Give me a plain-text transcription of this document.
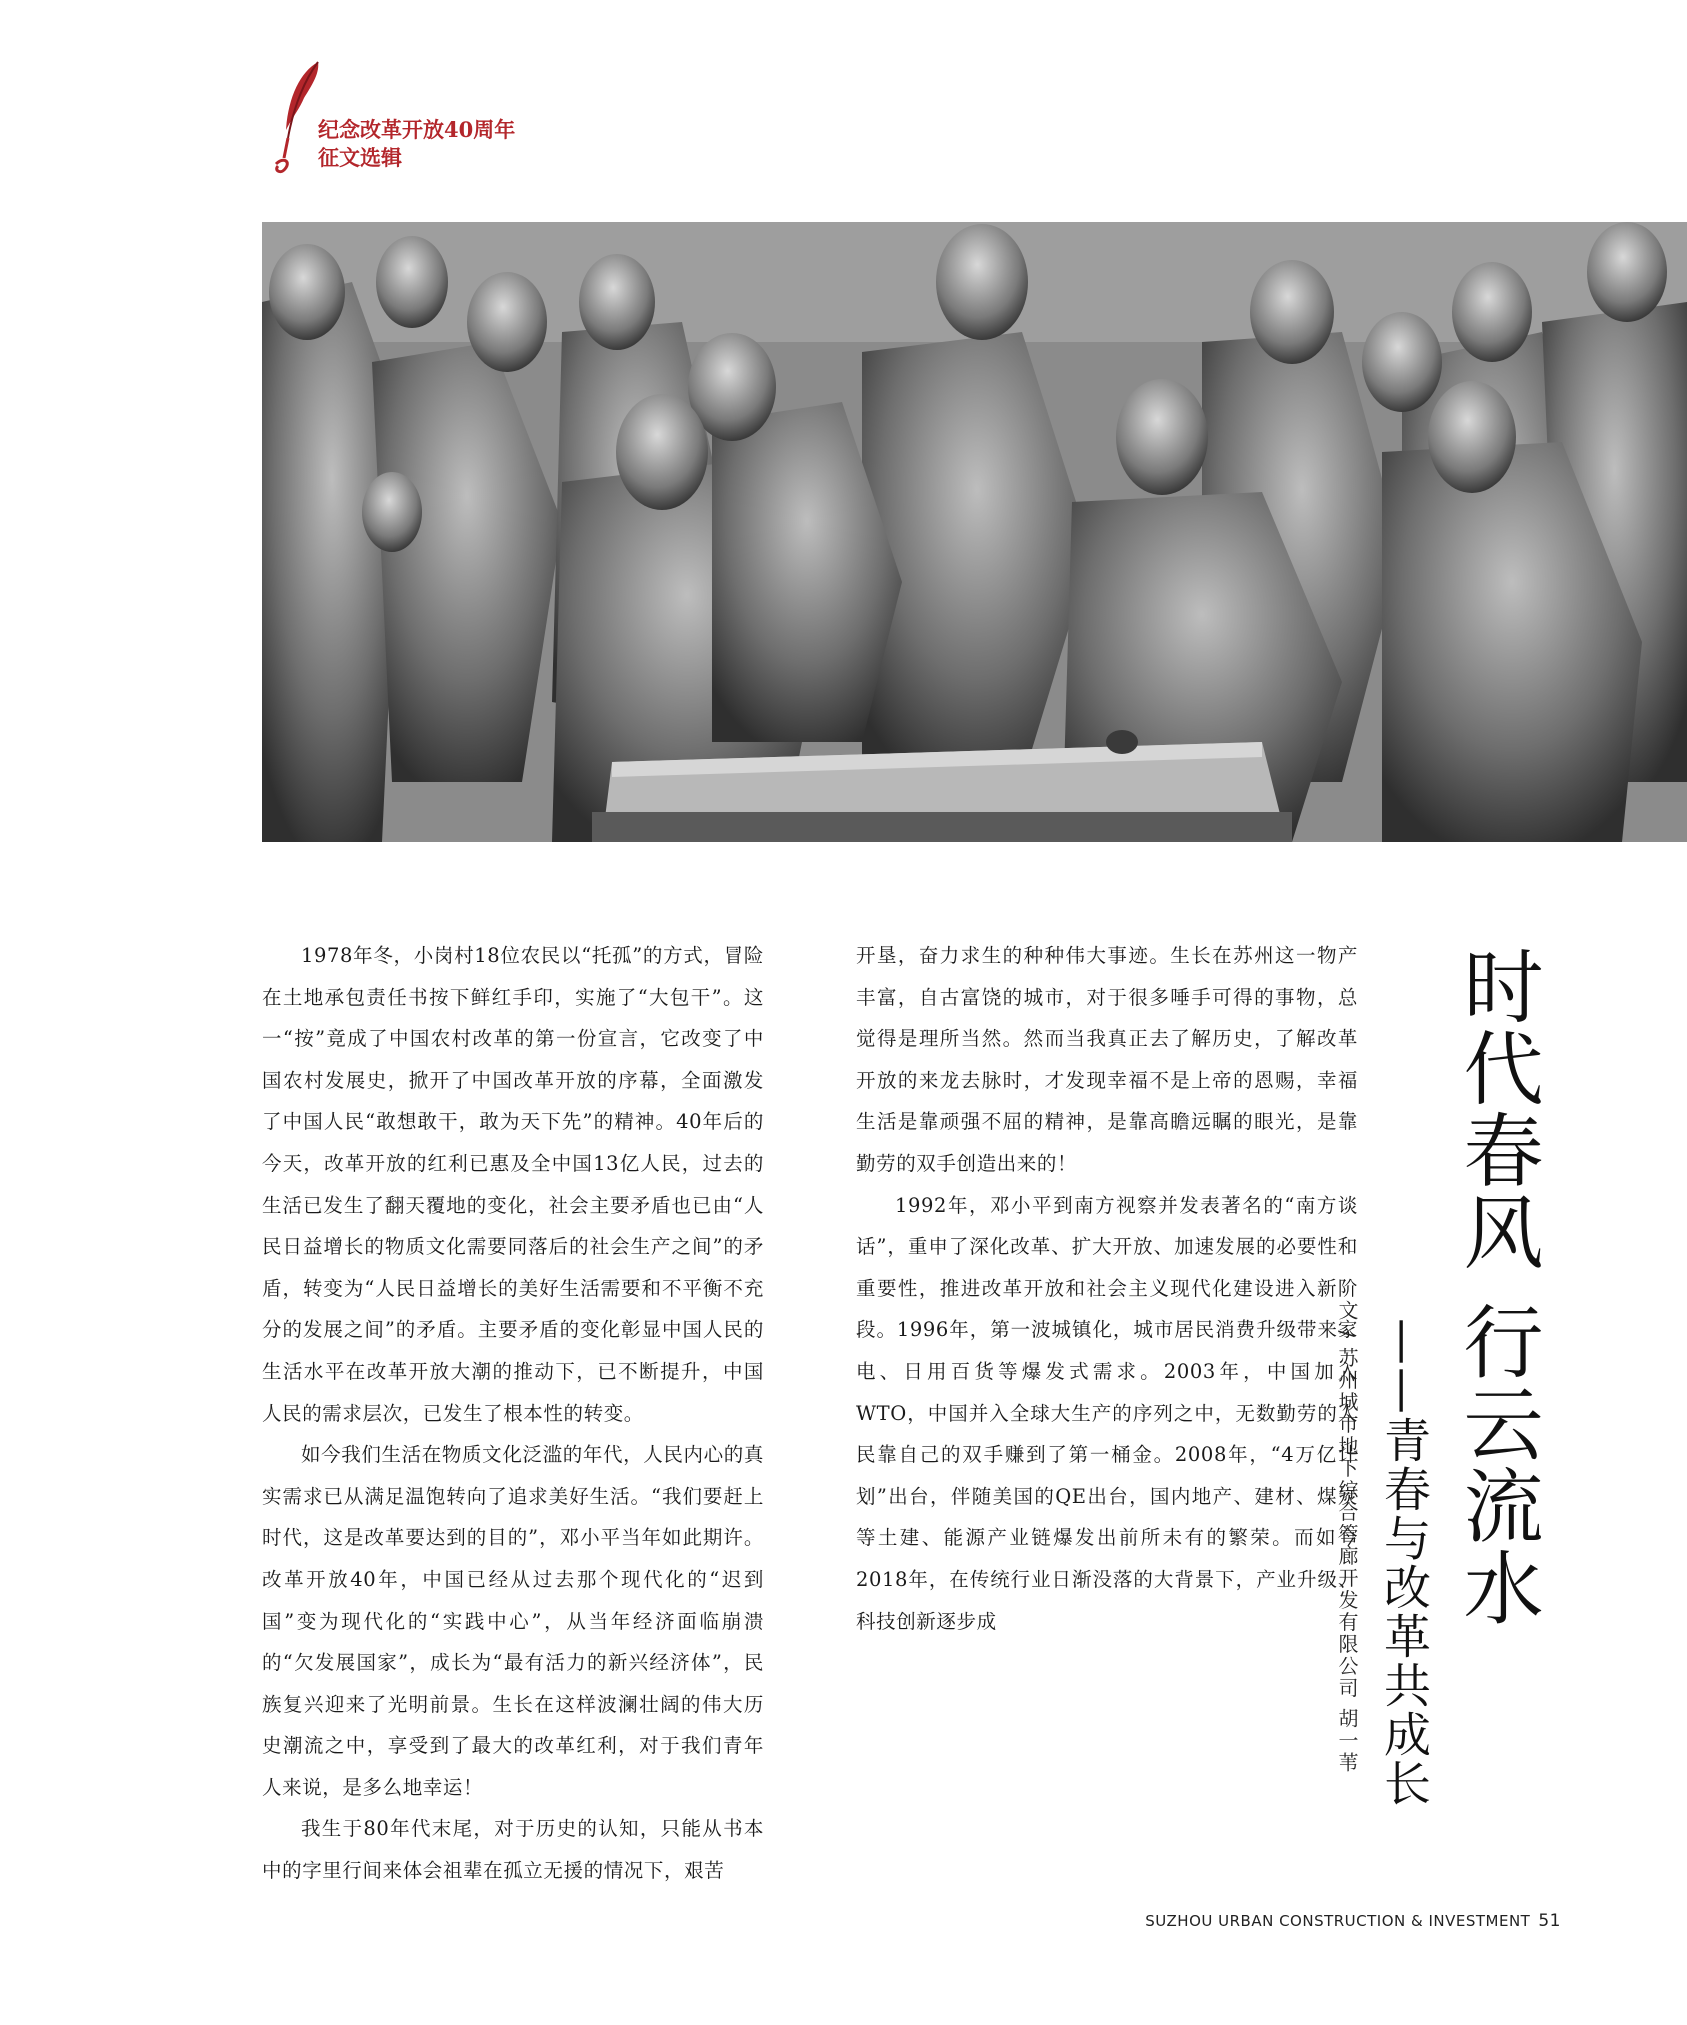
纪念改革开放40周年
征文选辑

1978年冬，小岗村18位农民以“托孤”的方式，冒险在土地承包责任书按下鲜红手印，实施了“大包干”。这一“按”竟成了中国农村改革的第一份宣言，它改变了中国农村发展史，掀开了中国改革开放的序幕，全面激发了中国人民“敢想敢干，敢为天下先”的精神。40年后的今天，改革开放的红利已惠及全中国13亿人民，过去的生活已发生了翻天覆地的变化，社会主要矛盾也已由“人民日益增长的物质文化需要同落后的社会生产之间”的矛盾，转变为“人民日益增长的美好生活需要和不平衡不充分的发展之间”的矛盾。主要矛盾的变化彰显中国人民的生活水平在改革开放大潮的推动下，已不断提升，中国人民的需求层次，已发生了根本性的转变。

如今我们生活在物质文化泛滥的年代，人民内心的真实需求已从满足温饱转向了追求美好生活。“我们要赶上时代，这是改革要达到的目的”，邓小平当年如此期许。改革开放40年，中国已经从过去那个现代化的“迟到国”变为现代化的“实践中心”，从当年经济面临崩溃的“欠发展国家”，成长为“最有活力的新兴经济体”，民族复兴迎来了光明前景。生长在这样波澜壮阔的伟大历史潮流之中，享受到了最大的改革红利，对于我们青年人来说，是多么地幸运！

我生于80年代末尾，对于历史的认知，只能从书本中的字里行间来体会祖辈在孤立无援的情况下，艰苦

开垦，奋力求生的种种伟大事迹。生长在苏州这一物产丰富，自古富饶的城市，对于很多唾手可得的事物，总觉得是理所当然。然而当我真正去了解历史，了解改革开放的来龙去脉时，才发现幸福不是上帝的恩赐，幸福生活是靠顽强不屈的精神，是靠高瞻远瞩的眼光，是靠勤劳的双手创造出来的！

1992年，邓小平到南方视察并发表著名的“南方谈话”，重申了深化改革、扩大开放、加速发展的必要性和重要性，推进改革开放和社会主义现代化建设进入新阶段。1996年，第一波城镇化，城市居民消费升级带来家电、日用百货等爆发式需求。2003年，中国加入WTO，中国并入全球大生产的序列之中，无数勤劳的人民靠自己的双手赚到了第一桶金。2008年，“4万亿计划”出台，伴随美国的QE出台，国内地产、建材、煤炭等土建、能源产业链爆发出前所未有的繁荣。而如今2018年，在传统行业日渐没落的大背景下，产业升级、科技创新逐步成	时代春风 行云流水
——青春与改革共成长
文 / 苏州城市地下综合管廊开发有限公司 胡一苇
SUZHOU URBAN CONSTRUCTION & INVESTMENT 51
